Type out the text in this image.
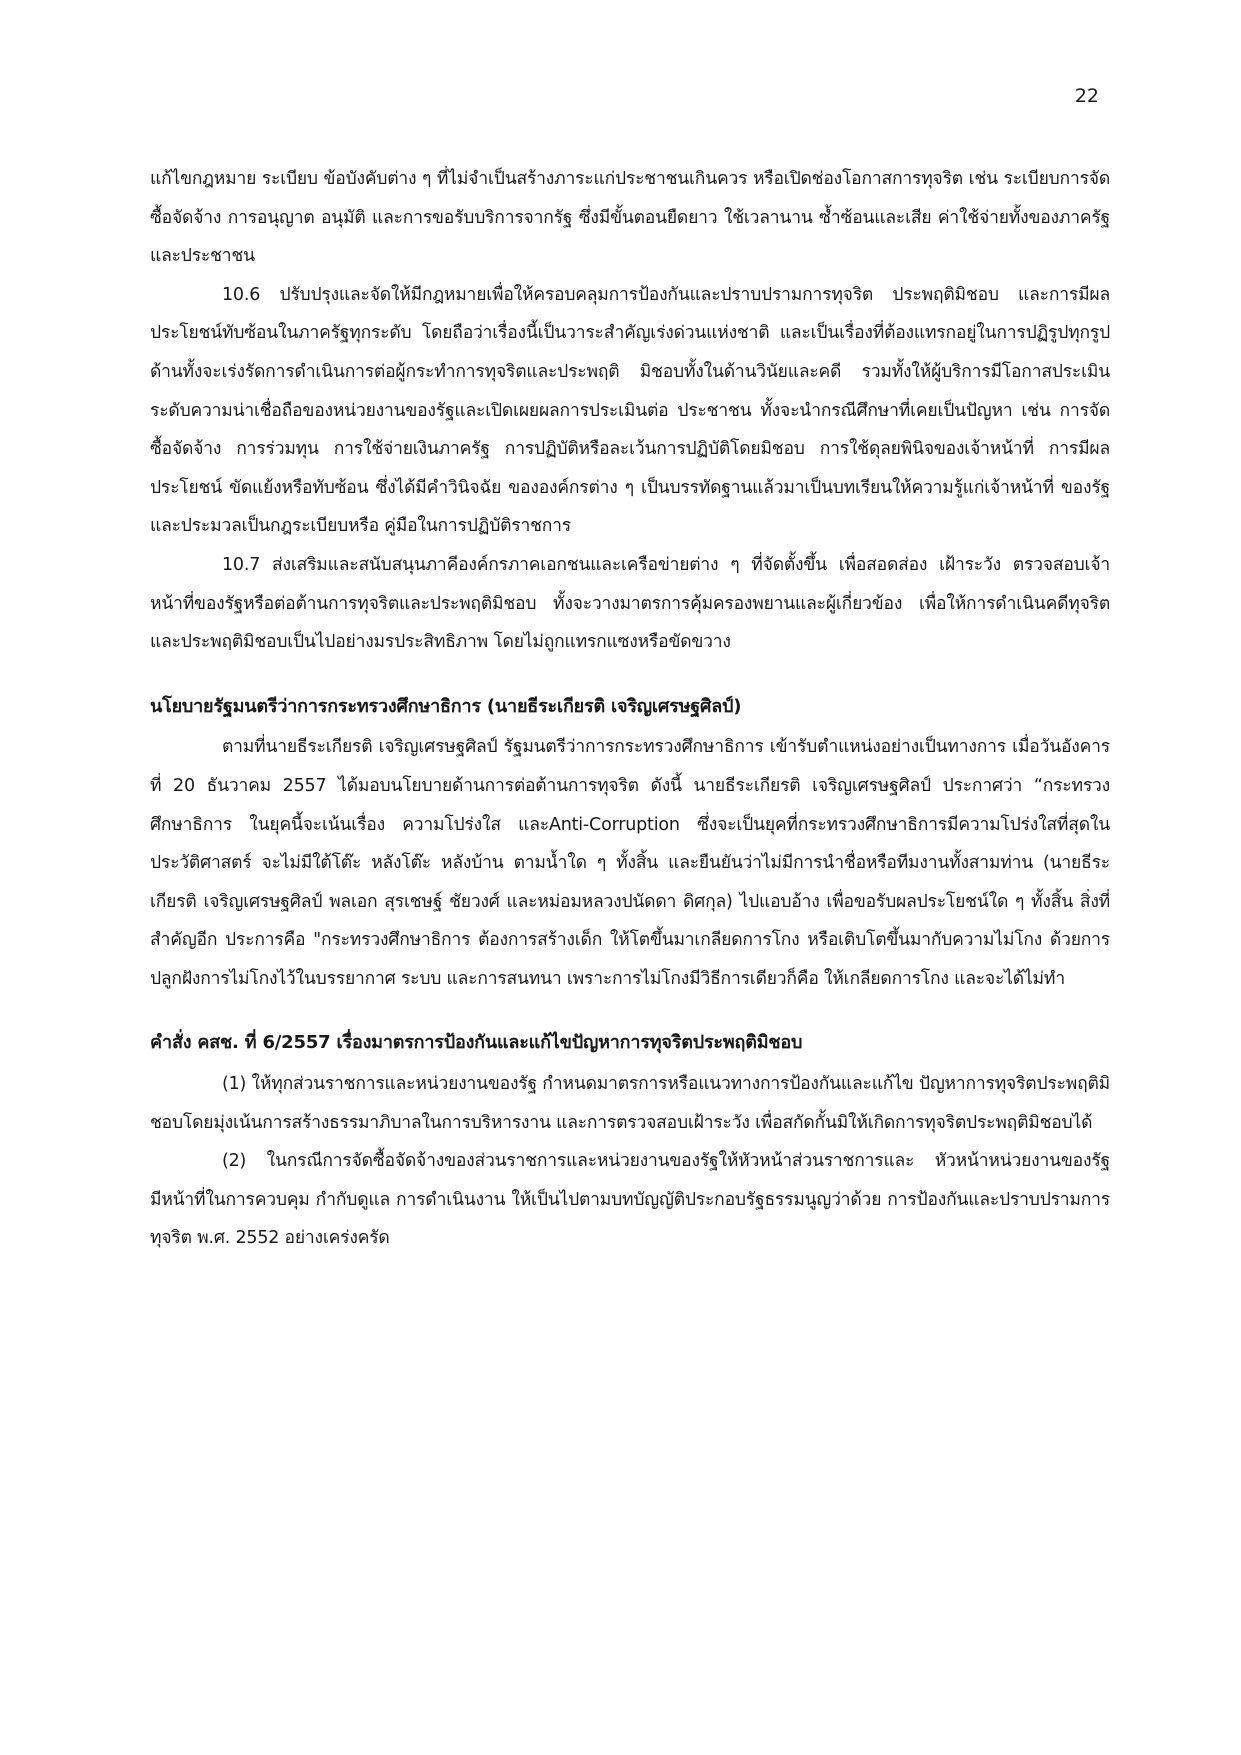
22

แก้ไขกฎหมาย ระเบียบ ข้อบังคับต่าง ๆ ที่ไม่จำเป็นสร้างภาระแก่ประชาชนเกินควร หรือเปิดช่องโอกาสการทุจริต เช่น ระเบียบการจัดซื้อจัดจ้าง การอนุญาต อนุมัติ และการขอรับบริการจากรัฐ ซึ่งมีขั้นตอนยืดยาว ใช้เวลานาน ซ้ำซ้อนและเสีย ค่าใช้จ่ายทั้งของภาครัฐและประชาชน

10.6 ปรับปรุงและจัดให้มีกฎหมายเพื่อให้ครอบคลุมการป้องกันและปราบปรามการทุจริต ประพฤติมิชอบ และการมีผลประโยชน์ทับซ้อนในภาครัฐทุกระดับ โดยถือว่าเรื่องนี้เป็นวาระสำคัญเร่งด่วนแห่งชาติ และเป็นเรื่องที่ต้องแทรกอยู่ในการปฏิรูปทุกรูปด้านทั้งจะเร่งรัดการดำเนินการต่อผู้กระทำการทุจริตและประพฤติ มิชอบทั้งในด้านวินัยและคดี รวมทั้งให้ผู้บริการมีโอกาสประเมินระดับความน่าเชื่อถือของหน่วยงานของรัฐและเปิดเผยผลการประเมินต่อ ประชาชน ทั้งจะนำกรณีศึกษาที่เคยเป็นปัญหา เช่น การจัดซื้อจัดจ้าง การร่วมทุน การใช้จ่ายเงินภาครัฐ การปฏิบัติหรือละเว้นการปฏิบัติโดยมิชอบ การใช้ดุลยพินิจของเจ้าหน้าที่ การมีผลประโยชน์ ขัดแย้งหรือทับซ้อน ซึ่งได้มีคำวินิจฉัย ขององค์กรต่าง ๆ เป็นบรรทัดฐานแล้วมาเป็นบทเรียนให้ความรู้แก่เจ้าหน้าที่ ของรัฐ และประมวลเป็นกฎระเบียบหรือ คู่มือในการปฏิบัติราชการ

10.7 ส่งเสริมและสนับสนุนภาคีองค์กรภาคเอกชนและเครือข่ายต่าง ๆ ที่จัดตั้งขึ้น เพื่อสอดส่อง เฝ้าระวัง ตรวจสอบเจ้าหน้าที่ของรัฐหรือต่อต้านการทุจริตและประพฤติมิชอบ ทั้งจะวางมาตรการคุ้มครองพยานและผู้เกี่ยวข้อง เพื่อให้การดำเนินคดีทุจริตและประพฤติมิชอบเป็นไปอย่างมรประสิทธิภาพ โดยไม่ถูกแทรกแซงหรือขัดขวาง

นโยบายรัฐมนตรีว่าการกระทรวงศึกษาธิการ (นายธีระเกียรติ เจริญเศรษฐศิลป์)

ตามที่นายธีระเกียรติ เจริญเศรษฐศิลป์ รัฐมนตรีว่าการกระทรวงศึกษาธิการ เข้ารับตำแหน่งอย่างเป็นทางการ เมื่อวันอังคารที่ 20 ธันวาคม 2557 ได้มอบนโยบายด้านการต่อต้านการทุจริต ดังนี้ นายธีระเกียรติ เจริญเศรษฐศิลป์ ประกาศว่า “กระทรวงศึกษาธิการ ในยุคนี้จะเน้นเรื่อง ความโปร่งใส และAnti-Corruption ซึ่งจะเป็นยุคที่กระทรวงศึกษาธิการมีความโปร่งใสที่สุดในประวัติศาสตร์ จะไม่มีใต้โต๊ะ หลังโต๊ะ หลังบ้าน ตามน้ำใด ๆ ทั้งสิ้น และยืนยันว่าไม่มีการนำชื่อหรือทีมงานทั้งสามท่าน (นายธีระเกียรติ เจริญเศรษฐศิลป์ พลเอก สุรเชษฐ์ ชัยวงศ์ และหม่อมหลวงปนัดดา ดิศกุล) ไปแอบอ้าง เพื่อขอรับผลประโยชน์ใด ๆ ทั้งสิ้น สิ่งที่สำคัญอีก ประการคือ "กระทรวงศึกษาธิการ ต้องการสร้างเด็ก ให้โตขึ้นมาเกลียดการโกง หรือเติบโตขึ้นมากับความไม่โกง ด้วยการปลูกฝังการไม่โกงไว้ในบรรยากาศ ระบบ และการสนทนา เพราะการไม่โกงมีวิธีการเดียวก็คือ ให้เกลียดการโกง และจะได้ไม่ทำ

คำสั่ง คสช. ที่ 6/2557 เรื่องมาตรการป้องกันและแก้ไขปัญหาการทุจริตประพฤติมิชอบ

(1) ให้ทุกส่วนราชการและหน่วยงานของรัฐ กำหนดมาตรการหรือแนวทางการป้องกันและแก้ไข ปัญหาการทุจริตประพฤติมิชอบโดยมุ่งเน้นการสร้างธรรมาภิบาลในการบริหารงาน และการตรวจสอบเฝ้าระวัง เพื่อสกัดกั้นมิให้เกิดการทุจริตประพฤติมิชอบได้

(2) ในกรณีการจัดซื้อจัดจ้างของส่วนราชการและหน่วยงานของรัฐให้หัวหน้าส่วนราชการและ หัวหน้าหน่วยงานของรัฐมีหน้าที่ในการควบคุม กำกับดูแล การดำเนินงาน ให้เป็นไปตามบทบัญญัติประกอบรัฐธรรมนูญว่าด้วย การป้องกันและปราบปรามการทุจริต พ.ศ. 2552 อย่างเคร่งครัด
